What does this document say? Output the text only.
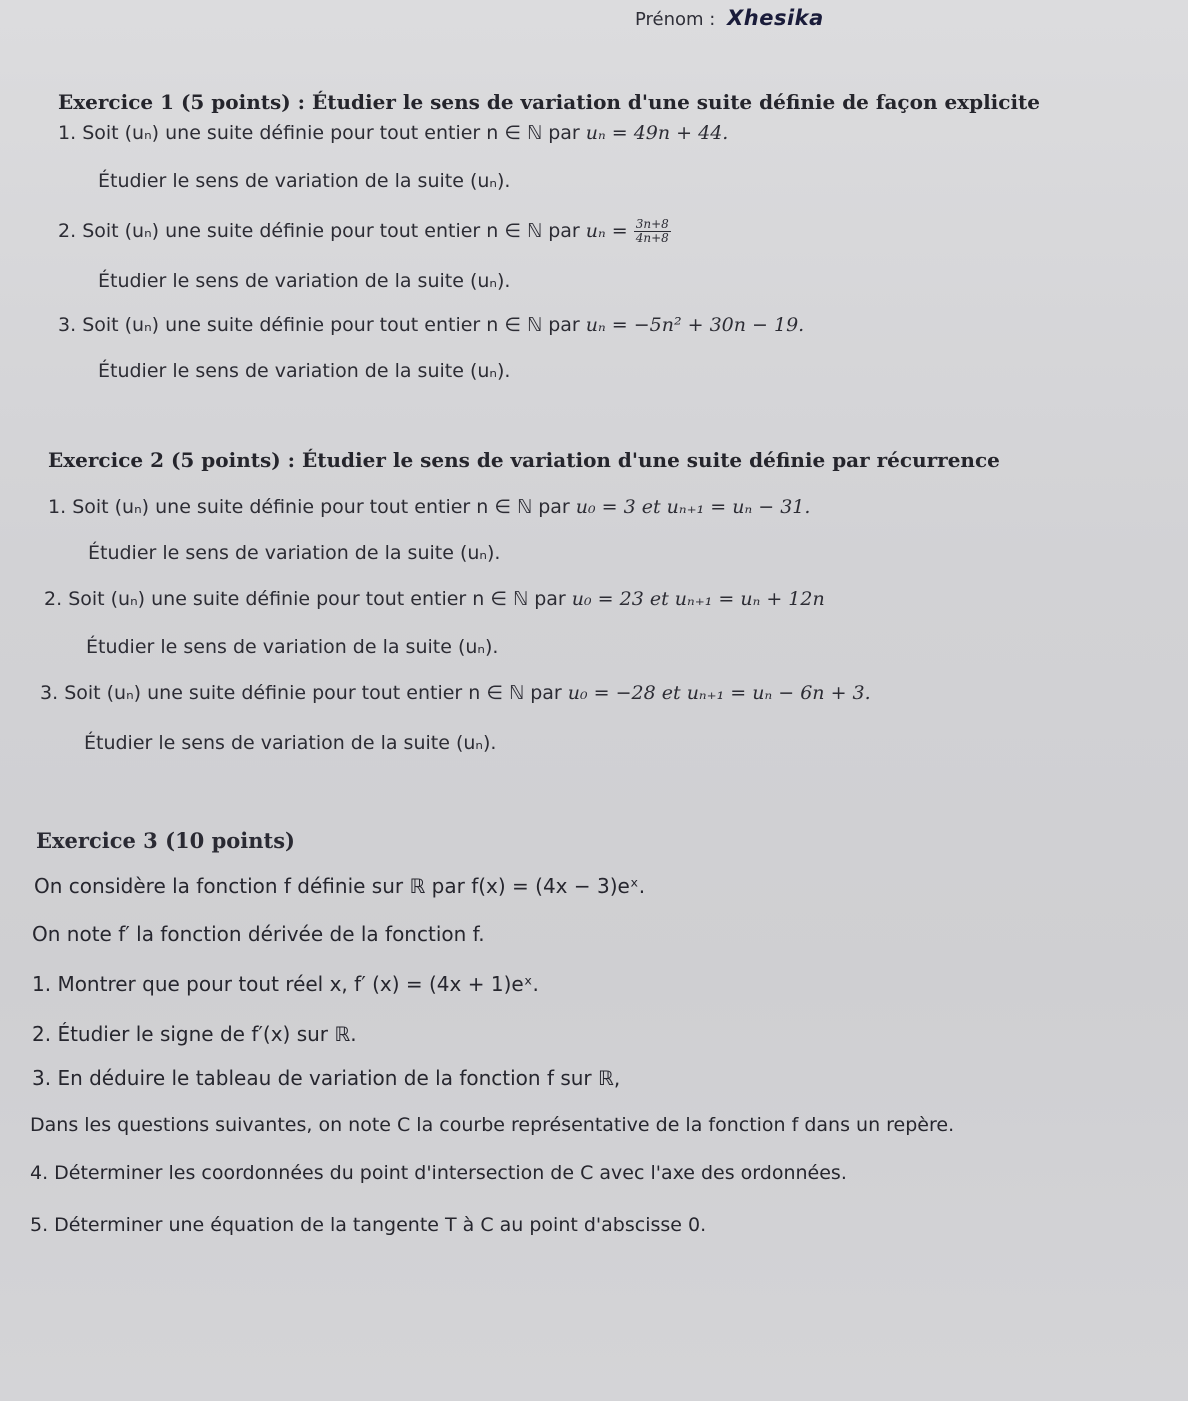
Prénom : Xhesika
Exercice 1 (5 points) : Étudier le sens de variation d'une suite définie de façon explicite
1. Soit (uₙ) une suite définie pour tout entier n ∈ ℕ par uₙ = 49n + 44.
Étudier le sens de variation de la suite (uₙ).
2. Soit (uₙ) une suite définie pour tout entier n ∈ ℕ par $u_n = \frac{3n+8}{4n+8}$
Étudier le sens de variation de la suite (uₙ).
3. Soit (uₙ) une suite définie pour tout entier n ∈ ℕ par uₙ = −5n² + 30n − 19.
Étudier le sens de variation de la suite (uₙ).
Exercice 2 (5 points) : Étudier le sens de variation d'une suite définie par récurrence
1. Soit (uₙ) une suite définie pour tout entier n ∈ ℕ par u₀ = 3 et uₙ₊₁ = uₙ − 31.
Étudier le sens de variation de la suite (uₙ).
2. Soit (uₙ) une suite définie pour tout entier n ∈ ℕ par u₀ = 23 et uₙ₊₁ = uₙ + 12n
Étudier le sens de variation de la suite (uₙ).
3. Soit (uₙ) une suite définie pour tout entier n ∈ ℕ par u₀ = −28 et uₙ₊₁ = uₙ − 6n + 3.
Étudier le sens de variation de la suite (uₙ).
Exercice 3 (10 points)
On considère la fonction f définie sur ℝ par f(x) = (4x − 3)eˣ.
On note f′ la fonction dérivée de la fonction f.
1. Montrer que pour tout réel x, f′ (x) = (4x + 1)eˣ.
2. Étudier le signe de f′(x) sur ℝ.
3. En déduire le tableau de variation de la fonction f sur ℝ,
Dans les questions suivantes, on note C la courbe représentative de la fonction f dans un repère.
4. Déterminer les coordonnées du point d'intersection de C avec l'axe des ordonnées.
5. Déterminer une équation de la tangente T à C au point d'abscisse 0.
